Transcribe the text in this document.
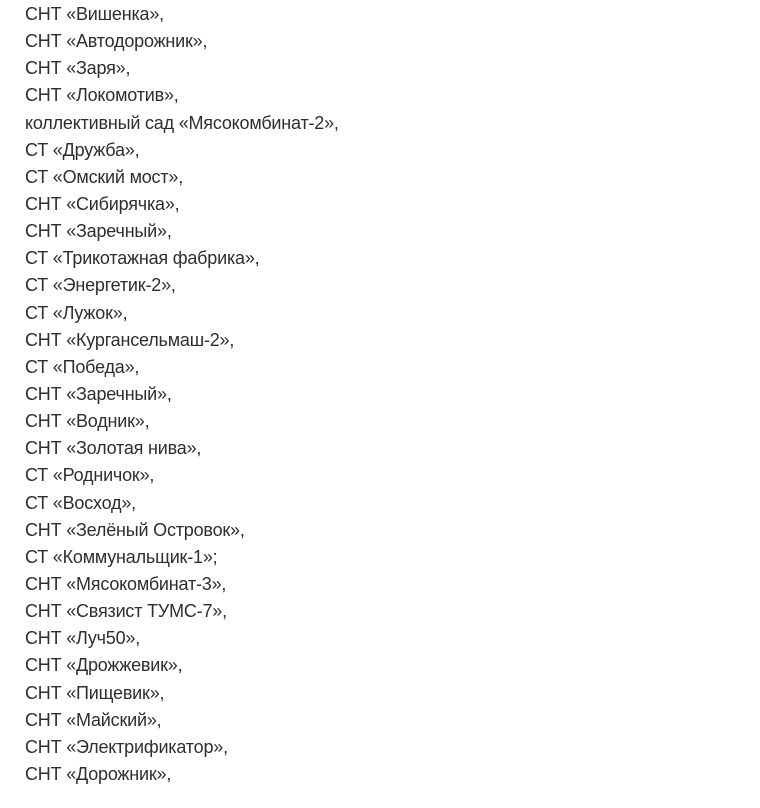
СНТ «Вишенка»,
СНТ «Автодорожник»,
СНТ «Заря»,
СНТ «Локомотив»,
коллективный сад «Мясокомбинат-2»,
СТ «Дружба»,
СТ «Омский мост»,
СНТ «Сибирячка»,
СНТ «Заречный»,
СТ «Трикотажная фабрика»,
СТ «Энергетик-2»,
СТ «Лужок»,
СНТ «Кургансельмаш-2»,
СТ «Победа»,
СНТ «Заречный»,
СНТ «Водник»,
СНТ «Золотая нива»,
СТ «Родничок»,
СТ «Восход»,
СНТ «Зелёный Островок»,
СТ «Коммунальщик-1»;
СНТ «Мясокомбинат-3»,
СНТ «Связист ТУМС-7»,
СНТ «Луч50»,
СНТ «Дрожжевик»,
СНТ «Пищевик»,
СНТ «Майский»,
СНТ «Электрификатор»,
СНТ «Дорожник»,
